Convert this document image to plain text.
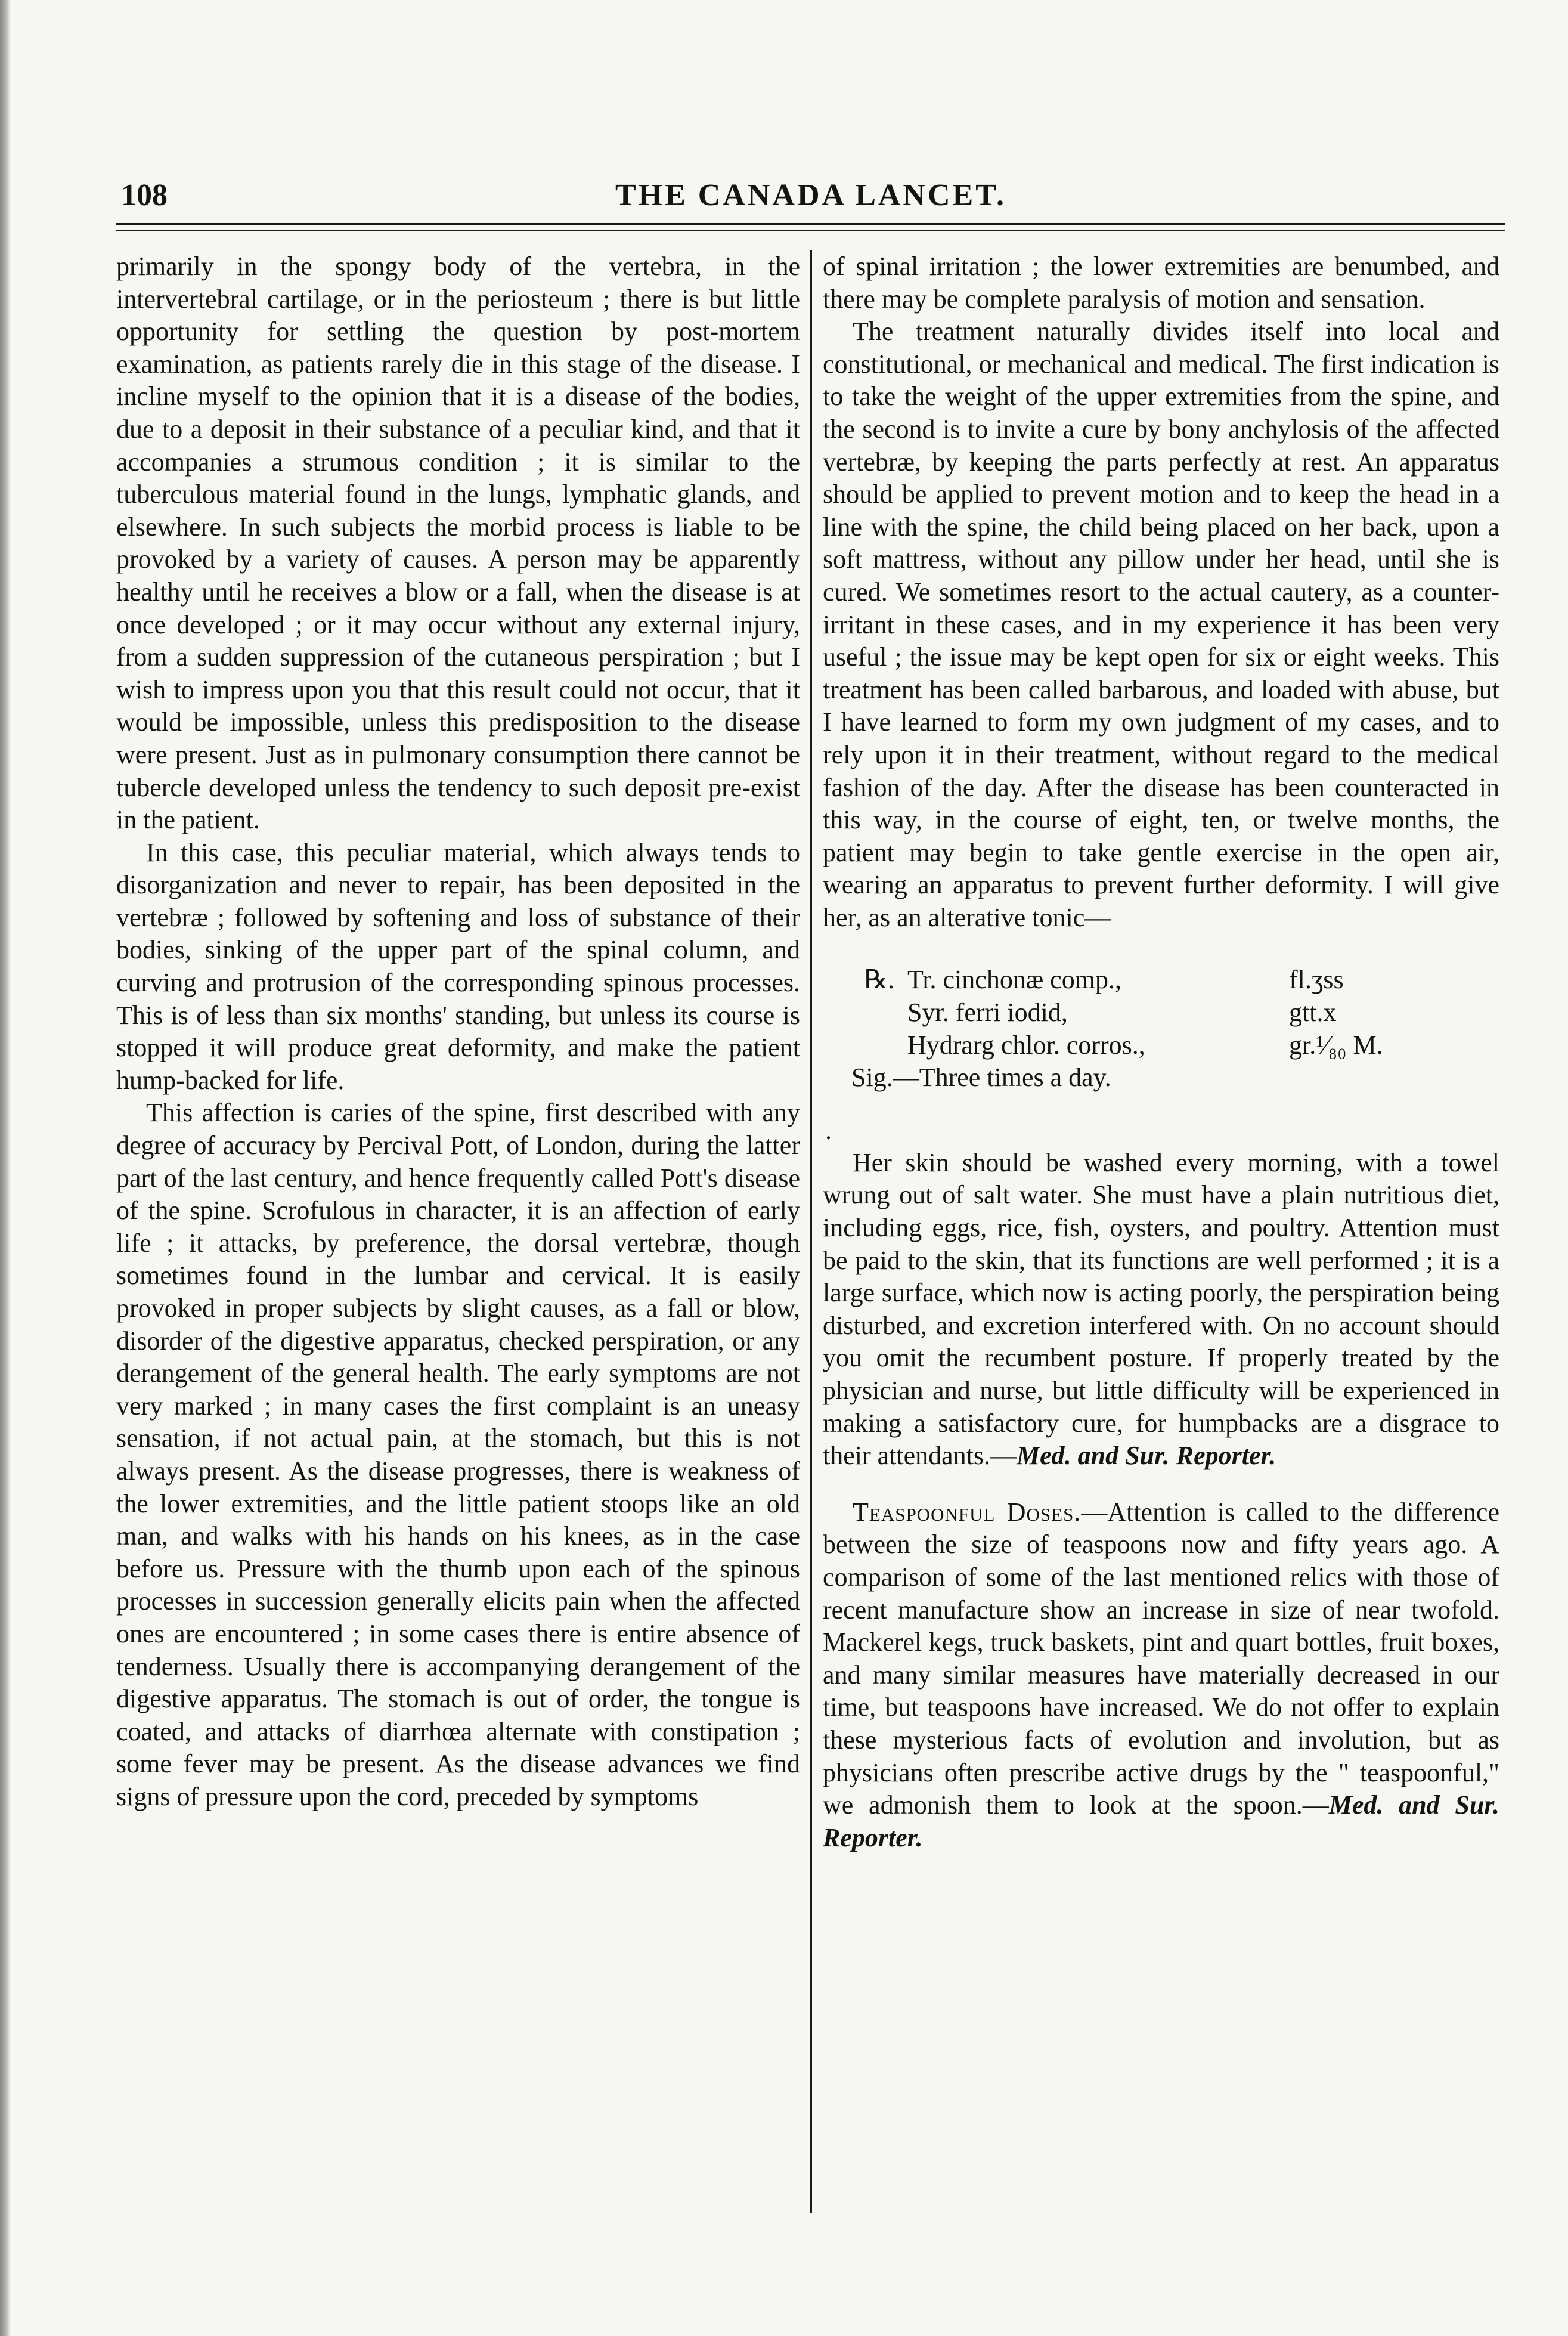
108	THE CANADA LANCET.

primarily in the spongy body of the vertebra, in the intervertebral cartilage, or in the periosteum ; there is but little opportunity for settling the question by post-mortem examination, as patients rarely die in this stage of the disease. I incline myself to the opinion that it is a disease of the bodies, due to a deposit in their substance of a peculiar kind, and that it accompanies a strumous condition ; it is similar to the tuberculous material found in the lungs, lymphatic glands, and elsewhere. In such subjects the morbid process is liable to be provoked by a variety of causes. A person may be apparently healthy until he receives a blow or a fall, when the disease is at once developed ; or it may occur without any external injury, from a sudden suppression of the cutaneous perspiration ; but I wish to impress upon you that this result could not occur, that it would be impossible, unless this predisposition to the disease were present. Just as in pulmonary consumption there cannot be tubercle developed unless the tendency to such deposit pre-exist in the patient.

In this case, this peculiar material, which always tends to disorganization and never to repair, has been deposited in the vertebræ ; followed by softening and loss of substance of their bodies, sinking of the upper part of the spinal column, and curving and protrusion of the corresponding spinous processes. This is of less than six months' standing, but unless its course is stopped it will produce great deformity, and make the patient hump-backed for life.

This affection is caries of the spine, first described with any degree of accuracy by Percival Pott, of London, during the latter part of the last century, and hence frequently called Pott's disease of the spine. Scrofulous in character, it is an affection of early life ; it attacks, by preference, the dorsal vertebræ, though sometimes found in the lumbar and cervical. It is easily provoked in proper subjects by slight causes, as a fall or blow, disorder of the digestive apparatus, checked perspiration, or any derangement of the general health. The early symptoms are not very marked ; in many cases the first complaint is an uneasy sensation, if not actual pain, at the stomach, but this is not always present. As the disease progresses, there is weakness of the lower extremities, and the little patient stoops like an old man, and walks with his hands on his knees, as in the case before us. Pressure with the thumb upon each of the spinous processes in succession generally elicits pain when the affected ones are encountered ; in some cases there is entire absence of tenderness. Usually there is accompanying derangement of the digestive apparatus. The stomach is out of order, the tongue is coated, and attacks of diarrhœa alternate with constipation ; some fever may be present. As the disease advances we find signs of pressure upon the cord, preceded by symptoms

of spinal irritation ; the lower extremities are benumbed, and there may be complete paralysis of motion and sensation.

The treatment naturally divides itself into local and constitutional, or mechanical and medical. The first indication is to take the weight of the upper extremities from the spine, and the second is to invite a cure by bony anchylosis of the affected vertebræ, by keeping the parts perfectly at rest. An apparatus should be applied to prevent motion and to keep the head in a line with the spine, the child being placed on her back, upon a soft mattress, without any pillow under her head, until she is cured. We sometimes resort to the actual cautery, as a counter-irritant in these cases, and in my experience it has been very useful ; the issue may be kept open for six or eight weeks. This treatment has been called barbarous, and loaded with abuse, but I have learned to form my own judgment of my cases, and to rely upon it in their treatment, without regard to the medical fashion of the day. After the disease has been counteracted in this way, in the course of eight, ten, or twelve months, the patient may begin to take gentle exercise in the open air, wearing an apparatus to prevent further deformity. I will give her, as an alterative tonic—

℞. Tr. cinchonæ comp.,	fl.ʒss
Syr. ferri iodid,	gtt.x
Hydrarg chlor. corros.,	gr.¹⁄₈₀ M.
Sig.—Three times a day.
.

Her skin should be washed every morning, with a towel wrung out of salt water. She must have a plain nutritious diet, including eggs, rice, fish, oysters, and poultry. Attention must be paid to the skin, that its functions are well performed ; it is a large surface, which now is acting poorly, the perspiration being disturbed, and excretion interfered with. On no account should you omit the recumbent posture. If properly treated by the physician and nurse, but little difficulty will be experienced in making a satisfactory cure, for humpbacks are a disgrace to their attendants.—Med. and Sur. Reporter.

Teaspoonful Doses.—Attention is called to the difference between the size of teaspoons now and fifty years ago. A comparison of some of the last mentioned relics with those of recent manufacture show an increase in size of near twofold. Mackerel kegs, truck baskets, pint and quart bottles, fruit boxes, and many similar measures have materially decreased in our time, but teaspoons have increased. We do not offer to explain these mysterious facts of evolution and involution, but as physicians often prescribe active drugs by the " teaspoonful," we admonish them to look at the spoon.—Med. and Sur. Reporter.
